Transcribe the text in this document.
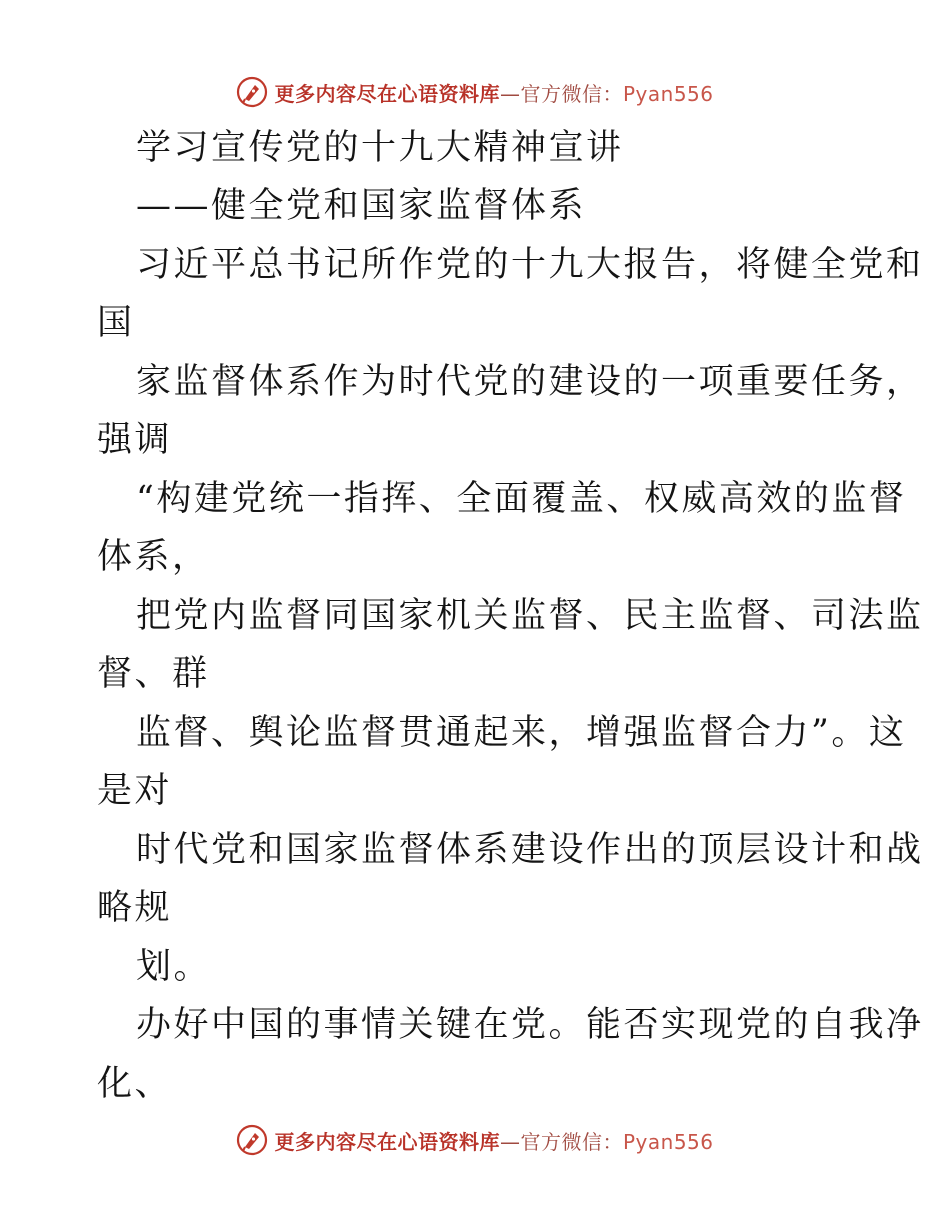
更多内容尽在心语资料库—官方微信：Pyan556
学习宣传党的十九大精神宣讲
——健全党和国家监督体系
习近平总书记所作党的十九大报告，将健全党和
国
家监督体系作为时代党的建设的一项重要任务，
强调
“构建党统一指挥、全面覆盖、权威高效的监督
体系，
把党内监督同国家机关监督、民主监督、司法监
督、群
监督、舆论监督贯通起来，增强监督合力”。这
是对
时代党和国家监督体系建设作出的顶层设计和战
略规
划。
办好中国的事情关键在党。能否实现党的自我净
化、
更多内容尽在心语资料库—官方微信：Pyan556
